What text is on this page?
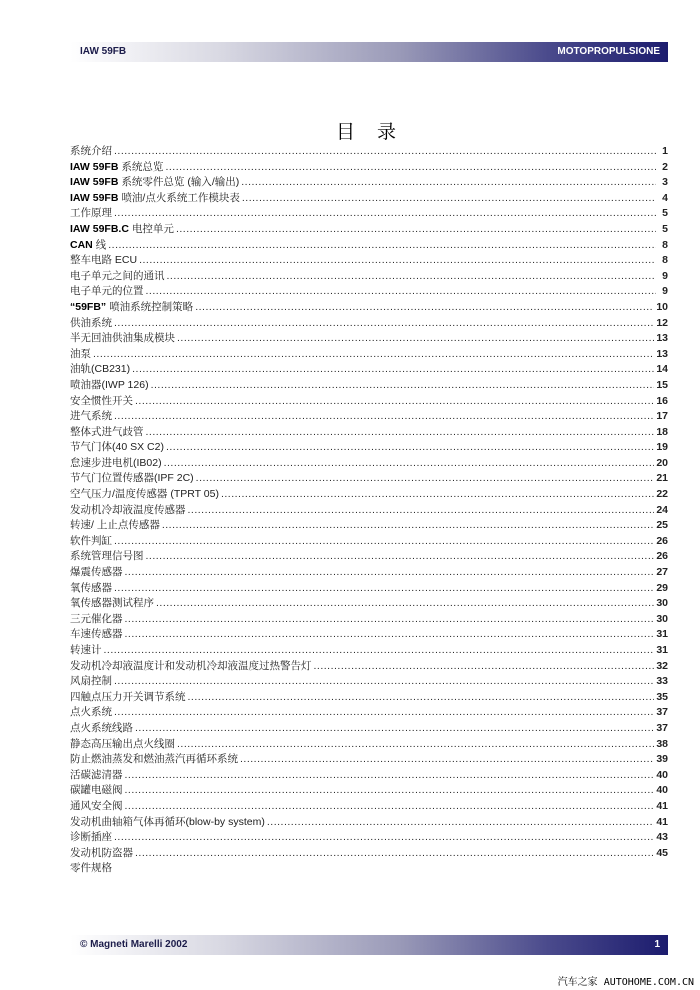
IAW 59FB	MOTOPROPULSIONE
目 录
系统介绍 .....	1
IAW 59FB 系统总览 .....	2
IAW 59FB 系统零件总览 (输入/输出) .....	3
IAW 59FB 喷油/点火系统工作模块表 .....	4
工作原理 .....	5
IAW 59FB.C 电控单元 .....	5
CAN 线 .....	8
整车电路 ECU .....	8
电子单元之间的通讯 .....	9
电子单元的位置 .....	9
“59FB” 喷油系统控制策略 .....	10
供油系统 .....	12
半无回油供油集成模块 .....	13
油泵 .....	13
油轨(CB231) .....	14
喷油器(IWP 126) .....	15
安全惯性开关 .....	16
进气系统 .....	17
整体式进气歧管 .....	18
节气门体(40 SX C2) .....	19
怠速步进电机(IB02) .....	20
节气门位置传感器(IPF 2C) .....	21
空气压力/温度传感器 (TPRT 05) .....	22
发动机冷却液温度传感器 .....	24
转速/ 上止点传感器 .....	25
软件判缸 .....	26
系统管理信号图 .....	26
爆震传感器 .....	27
氧传感器 .....	29
氧传感器测试程序 .....	30
三元催化器 .....	30
车速传感器 .....	31
转速计 .....	31
发动机冷却液温度计和发动机冷却液温度过热警告灯 .....	32
风扇控制 .....	33
四触点压力开关调节系统 .....	35
点火系统 .....	37
点火系统线路 .....	37
静态高压输出点火线圈 .....	38
防止燃油蒸发和燃油蒸汽再循环系统 .....	39
活碳滤清器 .....	40
碳罐电磁阀 .....	40
通风安全阀 .....	41
发动机曲轴箱气体再循环(blow-by system) .....	41
诊断插座 .....	43
发动机防盗器 .....	45
零件规格
© Magneti Marelli 2002	1
汽车之家 AUTOHOME.COM.CN
